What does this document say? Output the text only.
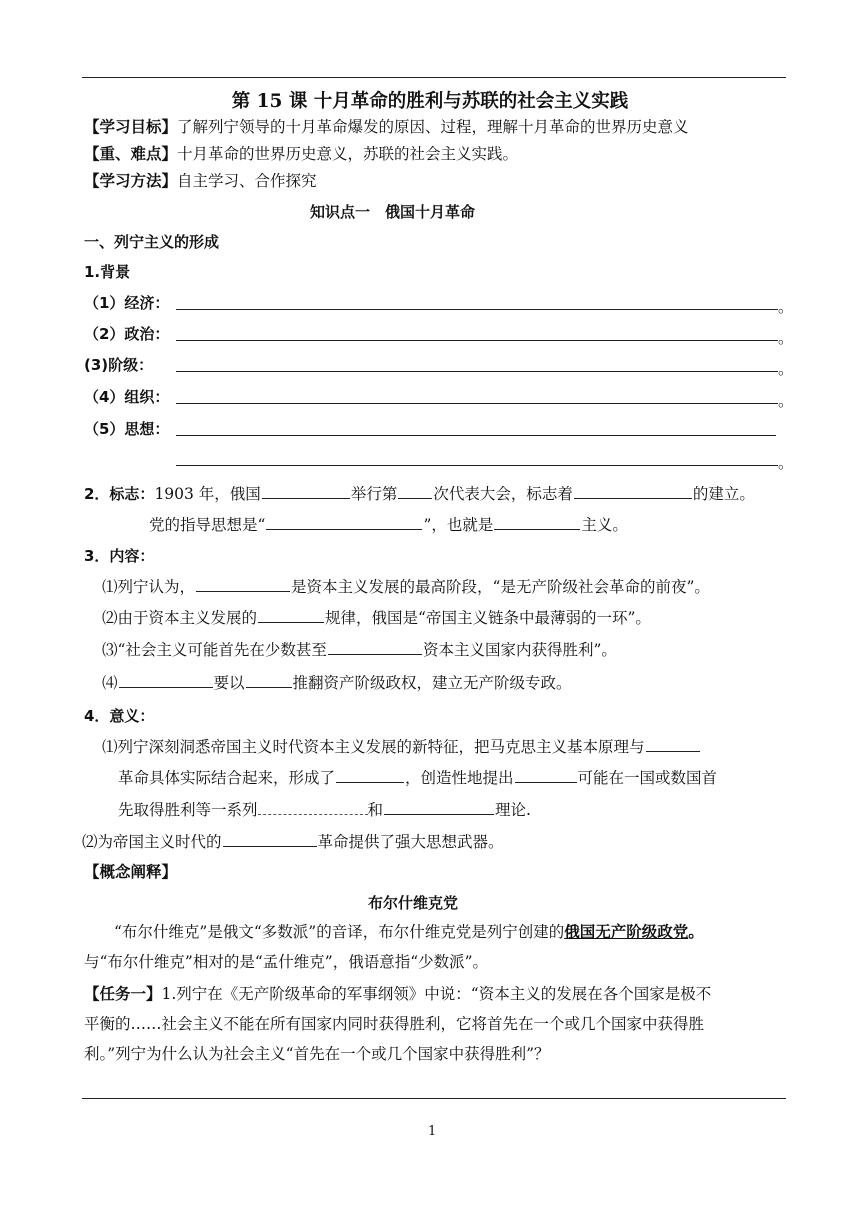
第 15 课 十月革命的胜利与苏联的社会主义实践
【学习目标】了解列宁领导的十月革命爆发的原因、过程，理解十月革命的世界历史意义
【重、难点】十月革命的世界历史意义，苏联的社会主义实践。
【学习方法】自主学习、合作探究
知识点一　俄国十月革命
一、列宁主义的形成
1.背景
（1）经济：	。
（2）政治：	。
(3)阶级：	。
（4）组织：	。
（5）思想：
。
2．标志：1903 年，俄国	举行第 次代表大会，标志着	的建立。
党的指导思想是“	”，也就是	主义。
3．内容：
⑴列宁认为，	是资本主义发展的最高阶段，“是无产阶级社会革命的前夜”。
⑵由于资本主义发展的	规律，俄国是“帝国主义链条中最薄弱的一环”。
⑶“社会主义可能首先在少数甚至	资本主义国家内获得胜利”。
⑷	要以	推翻资产阶级政权，建立无产阶级专政。
4．意义：
⑴列宁深刻洞悉帝国主义时代资本主义发展的新特征，把马克思主义基本原理与
革命具体实际结合起来，形成了	，创造性地提出	可能在一国或数国首
先取得胜利等一系列	和	理论.
⑵为帝国主义时代的	革命提供了强大思想武器。
【概念阐释】
布尔什维克党
“布尔什维克”是俄文“多数派”的音译，布尔什维克党是列宁创建的俄国无产阶级政党。
与“布尔什维克”相对的是“孟什维克”，俄语意指“少数派”。
【任务一】1.列宁在《无产阶级革命的军事纲领》中说：“资本主义的发展在各个国家是极不
平衡的……社会主义不能在所有国家内同时获得胜利，它将首先在一个或几个国家中获得胜
利。”列宁为什么认为社会主义“首先在一个或几个国家中获得胜利”？
1
